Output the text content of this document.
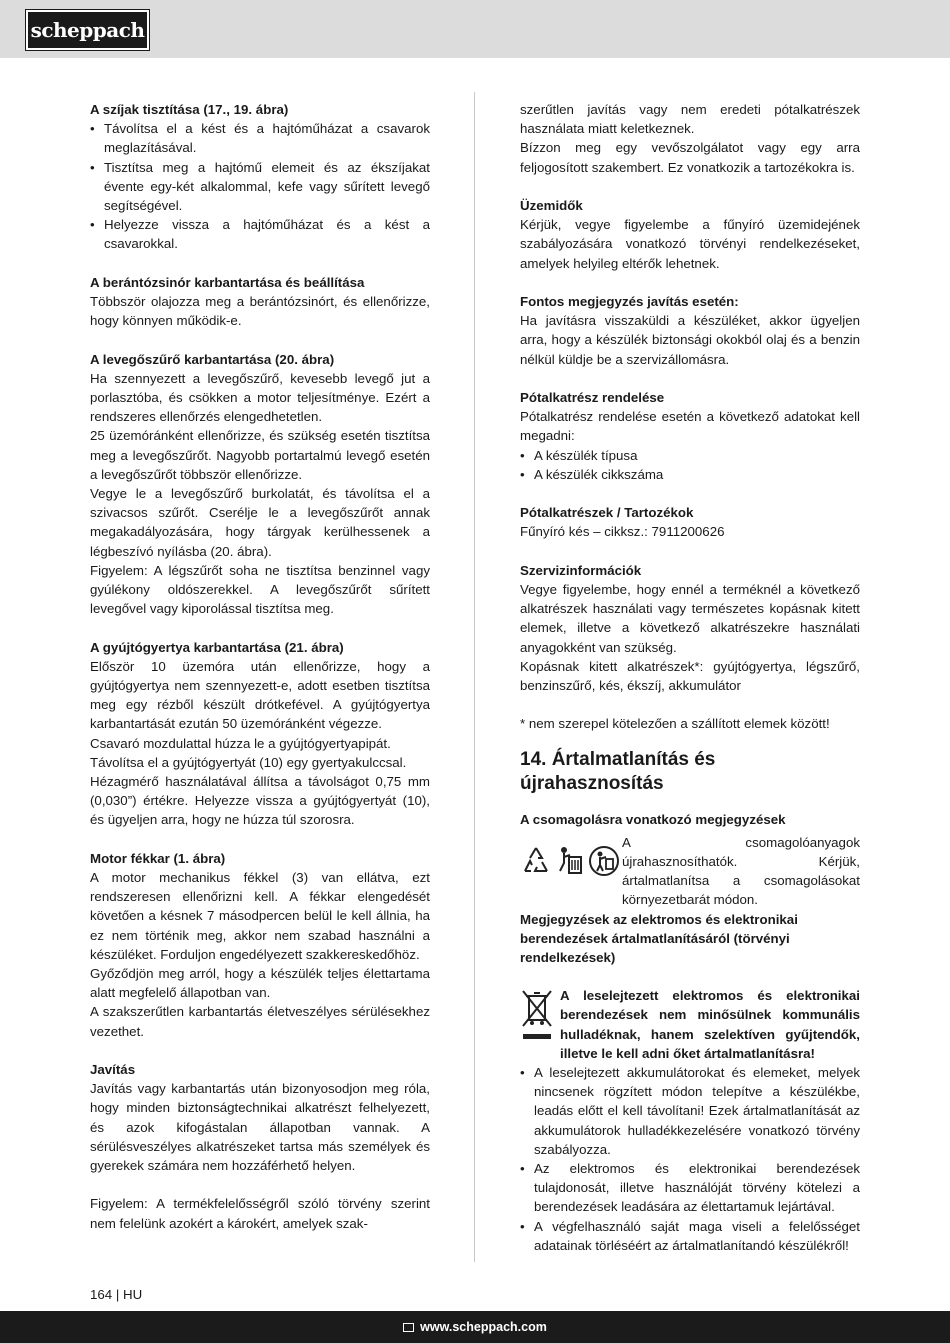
scheppach
A szíjak tisztítása (17., 19. ábra)
• Távolítsa el a kést és a hajtóműházat a csavarok meglazításával.
• Tisztítsa meg a hajtómű elemeit és az ékszíjakat évente egy-két alkalommal, kefe vagy sűrített levegő segítségével.
• Helyezze vissza a hajtóműházat és a kést a csavarokkal.
A berántózsinór karbantartása és beállítása
Többször olajozza meg a berántózsinórt, és ellenőrizze, hogy könnyen működik-e.
A levegőszűrő karbantartása (20. ábra)
Ha szennyezett a levegőszűrő, kevesebb levegő jut a porlasztóba, és csökken a motor teljesítménye. Ezért a rendszeres ellenőrzés elengedhetetlen.
25 üzemóránként ellenőrizze, és szükség esetén tisztítsa meg a levegőszűrőt. Nagyobb portartalmú levegő esetén a levegőszűrőt többször ellenőrizze.
Vegye le a levegőszűrő burkolatát, és távolítsa el a szivacsos szűrőt. Cserélje le a levegőszűrőt annak megakadályozására, hogy tárgyak kerülhessenek a légbeszívó nyílásba (20. ábra).
Figyelem: A légszűrőt soha ne tisztítsa benzinnel vagy gyúlékony oldószerekkel. A levegőszűrőt sűrített levegővel vagy kiporolással tisztítsa meg.
A gyújtógyertya karbantartása (21. ábra)
Először 10 üzemóra után ellenőrizze, hogy a gyújtógyertya nem szennyezett-e, adott esetben tisztítsa meg egy rézből készült drótkefével. A gyújtógyertya karbantartását ezután 50 üzemóránként végezze.
Csavaró mozdulattal húzza le a gyújtógyertyapipát.
Távolítsa el a gyújtógyertyát (10) egy gyertyakulccsal.
Hézagmérő használatával állítsa a távolságot 0,75 mm (0,030”) értékre. Helyezze vissza a gyújtógyertyát (10), és ügyeljen arra, hogy ne húzza túl szorosra.
Motor fékkar (1. ábra)
A motor mechanikus fékkel (3) van ellátva, ezt rendszeresen ellenőrizni kell. A fékkar elengedését követően a késnek 7 másodpercen belül le kell állnia, ha ez nem történik meg, akkor nem szabad használni a készüléket. Forduljon engedélyezett szakkereskedőhöz.
Győződjön meg arról, hogy a készülék teljes élettartama alatt megfelelő állapotban van.
A szakszerűtlen karbantartás életveszélyes sérülésekhez vezethet.
Javítás
Javítás vagy karbantartás után bizonyosodjon meg róla, hogy minden biztonságtechnikai alkatrészt felhelyezett, és azok kifogástalan állapotban vannak. A sérülésveszélyes alkatrészeket tartsa más személyek és gyerekek számára nem hozzáférhető helyen.
Figyelem: A termékfelelősségről szóló törvény szerint nem felelünk azokért a károkért, amelyek szak-
szerűtlen javítás vagy nem eredeti pótalkatrészek használata miatt keletkeznek.
Bízzon meg egy vevőszolgálatot vagy egy arra feljogosított szakembert. Ez vonatkozik a tartozékokra is.
Üzemidők
Kérjük, vegye figyelembe a fűnyíró üzemidejének szabályozására vonatkozó törvényi rendelkezéseket, amelyek helyileg eltérők lehetnek.
Fontos megjegyzés javítás esetén:
Ha javításra visszaküldi a készüléket, akkor ügyeljen arra, hogy a készülék biztonsági okokból olaj és a benzin nélkül küldje be a szervizállomásra.
Pótalkatrész rendelése
Pótalkatrész rendelése esetén a következő adatokat kell megadni:
• A készülék típusa
• A készülék cikkszáma
Pótalkatrészek / Tartozékok
Fűnyíró kés – cikksz.: 7911200626
Szervizinformációk
Vegye figyelembe, hogy ennél a terméknél a következő alkatrészek használati vagy természetes kopásnak kitett elemek, illetve a következő alkatrészekre használati anyagokként van szükség.
Kopásnak kitett alkatrészek*: gyújtógyertya, légszűrő, benzinszűrő, kés, ékszíj, akkumulátor
* nem szerepel kötelezően a szállított elemek között!
14. Ártalmatlanítás és újrahasznosítás
A csomagolásra vonatkozó megjegyzések
A csomagolóanyagok újrahasznosíthatók. Kérjük, ártalmatlanítsa a csomagolásokat környezetbarát módon.
Megjegyzések az elektromos és elektronikai berendezések ártalmatlanításáról (törvényi rendelkezések)
A leselejtezett elektromos és elektronikai berendezések nem minősülnek kommunális hulladéknak, hanem szelektíven gyűjtendők, illetve le kell adni őket ártalmatlanításra!
• A leselejtezett akkumulátorokat és elemeket, melyek nincsenek rögzített módon telepítve a készülékbe, leadás előtt el kell távolítani! Ezek ártalmatlanítását az akkumulátorok hulladékkezelésére vonatkozó törvény szabályozza.
• Az elektromos és elektronikai berendezések tulajdonosát, illetve használóját törvény kötelezi a berendezések leadására az élettartamuk lejártával.
• A végfelhasználó saját maga viseli a felelősséget adatainak törléséért az ártalmatlanítandó készülékről!
164 | HU
www.scheppach.com
